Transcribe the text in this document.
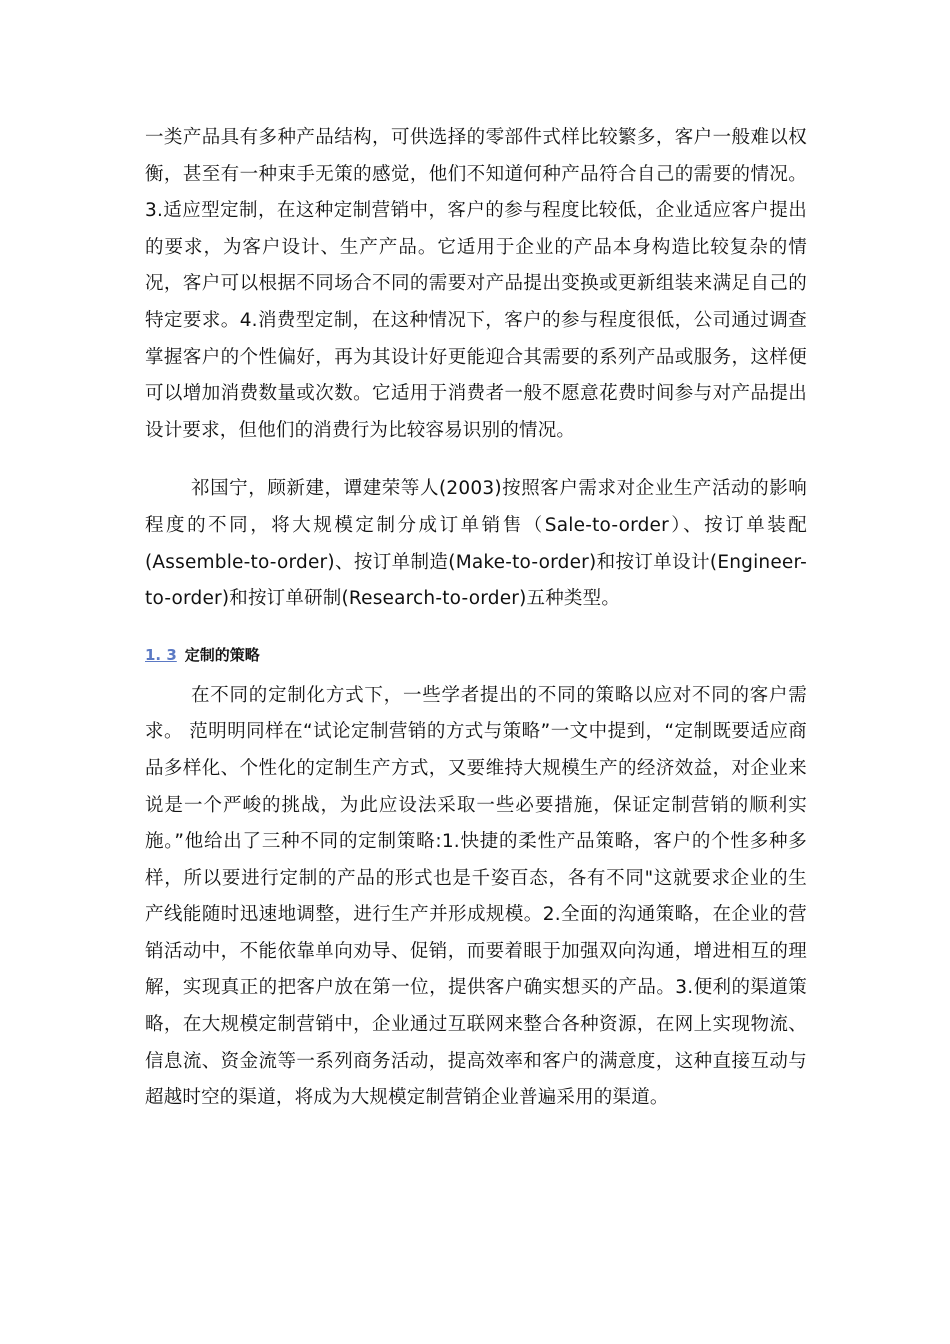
一类产品具有多种产品结构，可供选择的零部件式样比较繁多，客户一般难以权衡，甚至有一种束手无策的感觉，他们不知道何种产品符合自己的需要的情况。3.适应型定制，在这种定制营销中，客户的参与程度比较低，企业适应客户提出的要求，为客户设计、生产产品。它适用于企业的产品本身构造比较复杂的情况，客户可以根据不同场合不同的需要对产品提出变换或更新组装来满足自己的特定要求。4.消费型定制，在这种情况下，客户的参与程度很低，公司通过调查掌握客户的个性偏好，再为其设计好更能迎合其需要的系列产品或服务，这样便可以增加消费数量或次数。它适用于消费者一般不愿意花费时间参与对产品提出设计要求，但他们的消费行为比较容易识别的情况。

祁国宁，顾新建，谭建荣等人(2003)按照客户需求对企业生产活动的影响程度的不同，将大规模定制分成订单销售（Sale-to-order）、按订单装配(Assemble-to-order)、按订单制造(Make-to-order)和按订单设计(Engineer-to-order)和按订单研制(Research-to-order)五种类型。

1. 3 定制的策略

在不同的定制化方式下，一些学者提出的不同的策略以应对不同的客户需求。 范明明同样在“试论定制营销的方式与策略”一文中提到，“定制既要适应商品多样化、个性化的定制生产方式，又要维持大规模生产的经济效益，对企业来说是一个严峻的挑战，为此应设法采取一些必要措施，保证定制营销的顺利实施。”他给出了三种不同的定制策略:1.快捷的柔性产品策略，客户的个性多种多样，所以要进行定制的产品的形式也是千姿百态，各有不同"这就要求企业的生产线能随时迅速地调整，进行生产并形成规模。2.全面的沟通策略，在企业的营销活动中，不能依靠单向劝导、促销，而要着眼于加强双向沟通，增进相互的理解，实现真正的把客户放在第一位，提供客户确实想买的产品。3.便利的渠道策略，在大规模定制营销中，企业通过互联网来整合各种资源，在网上实现物流、信息流、资金流等一系列商务活动，提高效率和客户的满意度，这种直接互动与超越时空的渠道，将成为大规模定制营销企业普遍采用的渠道。
